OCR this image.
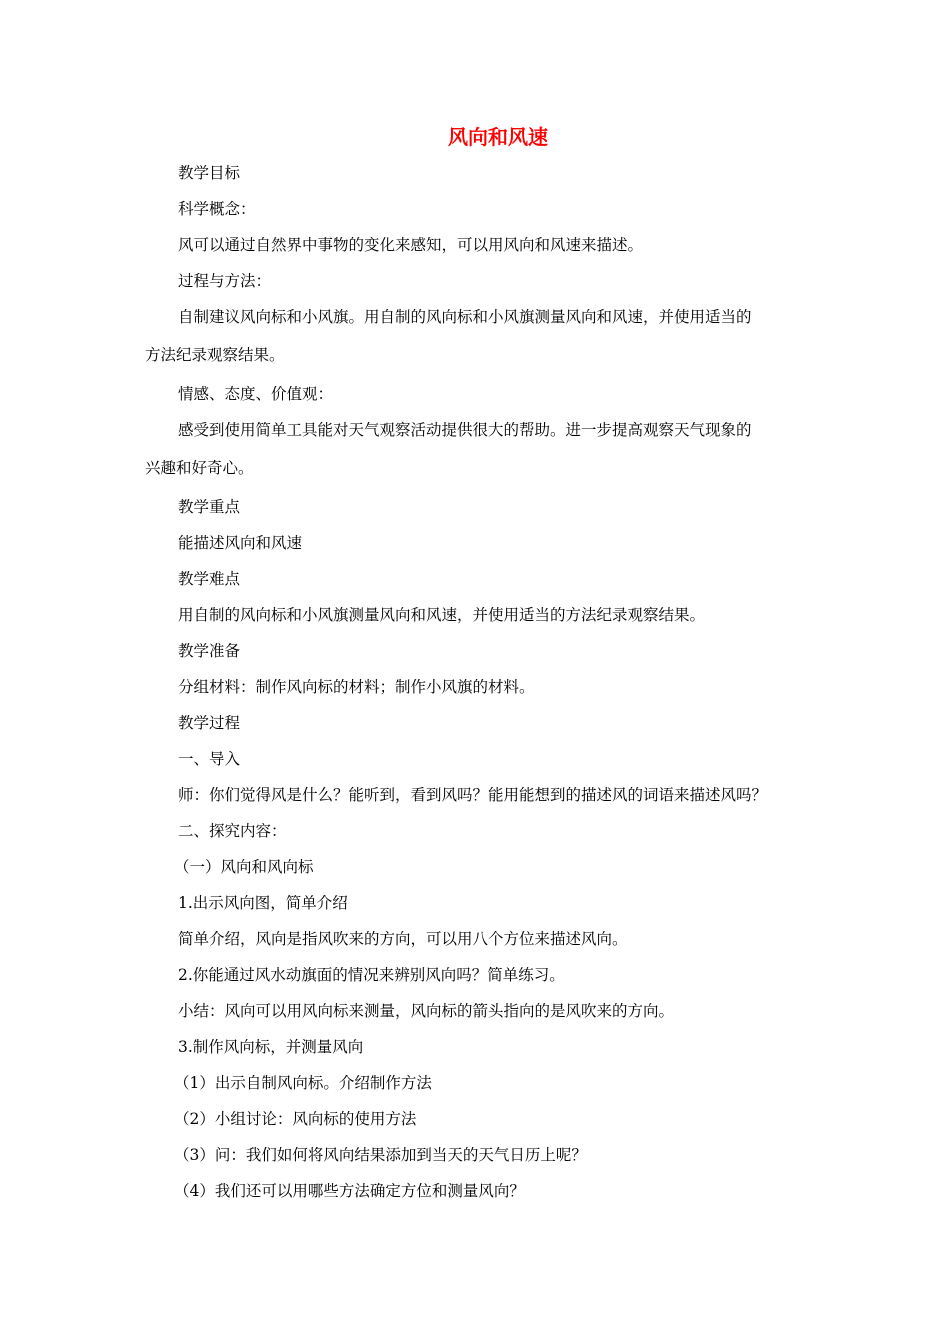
风向和风速
教学目标
科学概念：
风可以通过自然界中事物的变化来感知，可以用风向和风速来描述。
过程与方法：
自制建议风向标和小风旗。用自制的风向标和小风旗测量风向和风速，并使用适当的
方法纪录观察结果。
情感、态度、价值观：
感受到使用简单工具能对天气观察活动提供很大的帮助。进一步提高观察天气现象的
兴趣和好奇心。
教学重点
能描述风向和风速
教学难点
用自制的风向标和小风旗测量风向和风速，并使用适当的方法纪录观察结果。
教学准备
分组材料：制作风向标的材料；制作小风旗的材料。
教学过程
一、导入
师：你们觉得风是什么？能听到，看到风吗？能用能想到的描述风的词语来描述风吗？
二、探究内容：
（一）风向和风向标
1.出示风向图，简单介绍
简单介绍，风向是指风吹来的方向，可以用八个方位来描述风向。
2.你能通过风水动旗面的情况来辨别风向吗？简单练习。
小结：风向可以用风向标来测量，风向标的箭头指向的是风吹来的方向。
3.制作风向标，并测量风向
（1）出示自制风向标。介绍制作方法
（2）小组讨论：风向标的使用方法
（3）问：我们如何将风向结果添加到当天的天气日历上呢？
（4）我们还可以用哪些方法确定方位和测量风向？
